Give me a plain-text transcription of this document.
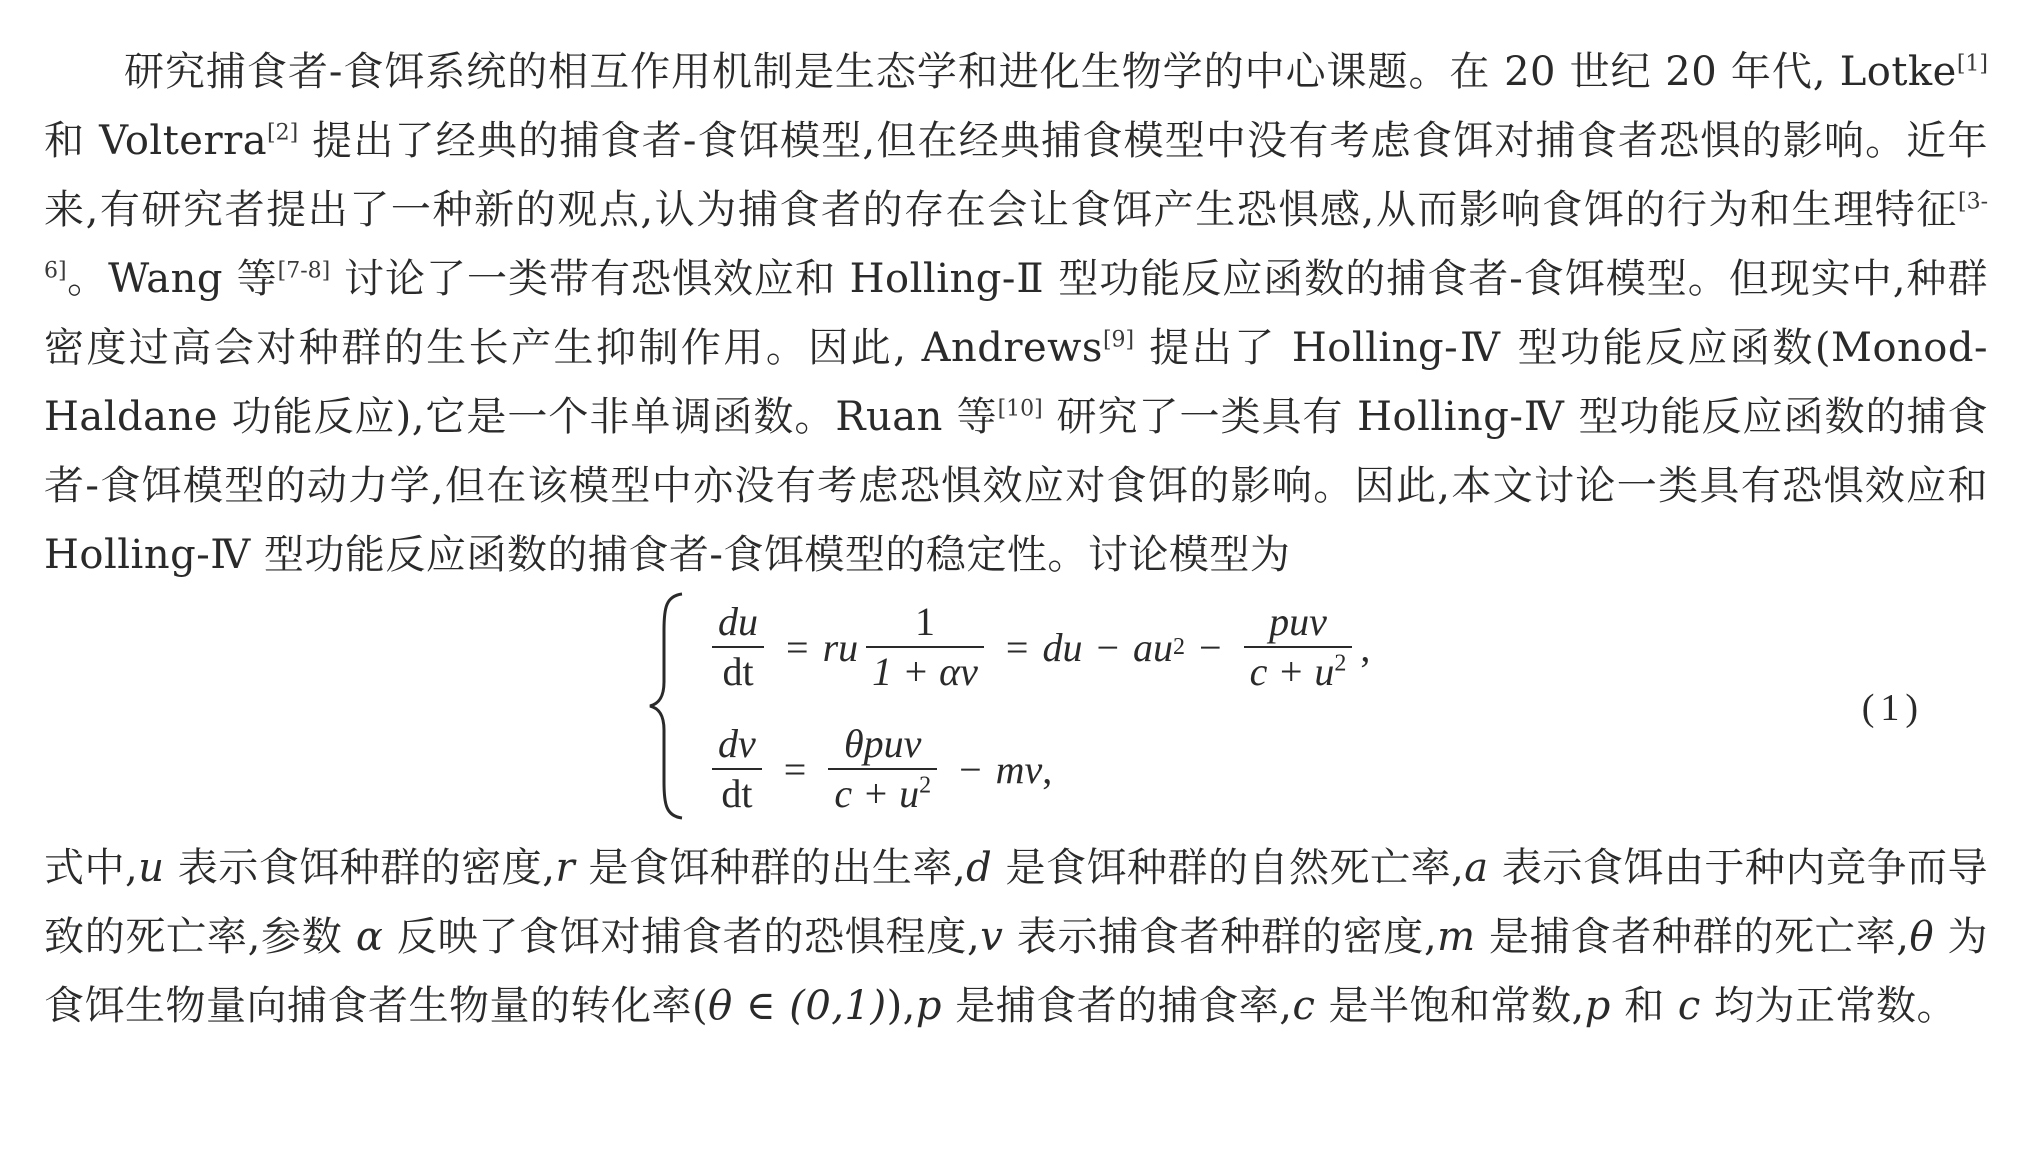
研究捕食者-食饵系统的相互作用机制是生态学和进化生物学的中心课题。在 20 世纪 20 年代, Lotke[1] 和 Volterra[2] 提出了经典的捕食者-食饵模型,但在经典捕食模型中没有考虑食饵对捕食者恐惧的影响。近年来,有研究者提出了一种新的观点,认为捕食者的存在会让食饵产生恐惧感,从而影响食饵的行为和生理特征[3-6]。Wang 等[7-8] 讨论了一类带有恐惧效应和 Holling-Ⅱ 型功能反应函数的捕食者-食饵模型。但现实中,种群密度过高会对种群的生长产生抑制作用。因此, Andrews[9] 提出了 Holling-Ⅳ 型功能反应函数(Monod-Haldane 功能反应),它是一个非单调函数。Ruan 等[10] 研究了一类具有 Holling-Ⅳ 型功能反应函数的捕食者-食饵模型的动力学,但在该模型中亦没有考虑恐惧效应对食饵的影响。因此,本文讨论一类具有恐惧效应和 Holling-Ⅳ 型功能反应函数的捕食者-食饵模型的稳定性。讨论模型为

$\frac{du}{dt}$ = ru $\frac{1}{1 + \alpha v}$ = du − au $2 - \frac{\text{puv}}{c + u^2}$ ,
$\frac{dv}{dt} = \frac{\text{θpuv}}{c + u^2}$ − mv ,
(1)

式中,u 表示食饵种群的密度,r 是食饵种群的出生率,d 是食饵种群的自然死亡率,a 表示食饵由于种内竞争而导致的死亡率,参数 α 反映了食饵对捕食者的恐惧程度,v 表示捕食者种群的密度,m 是捕食者种群的死亡率,θ 为食饵生物量向捕食者生物量的转化率(θ ∈ (0,1)),p 是捕食者的捕食率,c 是半饱和常数,p 和 c 均为正常数。
